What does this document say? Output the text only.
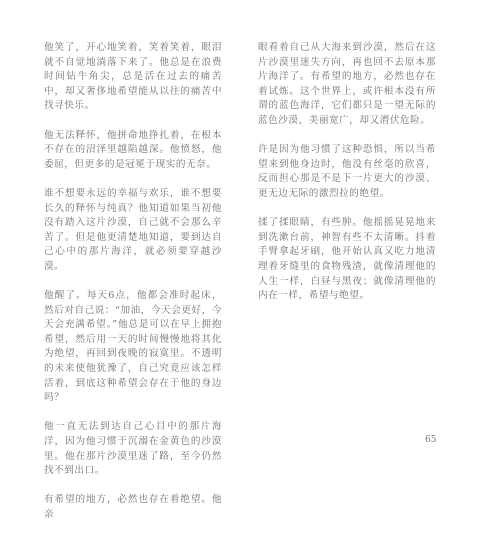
他笑了，开心地笑着，笑着笑着，眼泪就不自觉地淌落下来了。他总是在浪费时间钻牛角尖，总是活在过去的痛苦中，却又奢侈地希望能从以往的痛苦中找寻快乐。

他无法释怀，他拼命地挣扎着，在根本不存在的沼泽里越陷越深。他愤怒，他委屈，但更多的是冠冕于现实的无奈。

谁不想要永远的幸福与欢乐，谁不想要长久的释怀与纯真？他知道如果当初他没有踏入这片沙漠，自己就不会那么辛苦了。但是他更清楚地知道，要到达自己心中的那片海洋，就必须要穿越沙漠。

他醒了。每天6点，他都会准时起床，然后对自己说：“加油，今天会更好，今天会充满希望。”他总是可以在早上拥抱希望，然后用一天的时间慢慢地将其化为绝望，再回到夜晚的寂寞里。不透明的未来使他犹豫了，自己究竟应该怎样活着，到底这种希望会存在于他的身边吗？

他一直无法到达自己心目中的那片海洋，因为他习惯于沉溺在金黄色的沙漠里。他在那片沙漠里迷了路，至今仍然找不到出口。

有希望的地方，必然也存在着绝望。他亲

眼看着自己从大海来到沙漠，然后在这片沙漠里迷失方向，再也回不去原本那片海洋了。有希望的地方，必然也存在着试炼。这个世界上，或许根本没有所谓的蓝色海洋，它们都只是一望无际的蓝色沙漠，美丽宽广，却又潜伏危险。

许是因为他习惯了这种恐惧，所以当希望来到他身边时，他没有丝毫的欣喜，反而担心那是不是下一片更大的沙漠、更无边无际的激烈拉的绝望。

揉了揉眼睛，有些肿。他摇摇晃晃地来到洗漱台前，神智有些不太清晰。抖着手臂拿起牙刷，他开始认真又吃力地清理着牙缝里的食物残渣，就像清理他的人生一样，白昼与黑夜；就像清理他的内在一样，希望与绝望。

65
